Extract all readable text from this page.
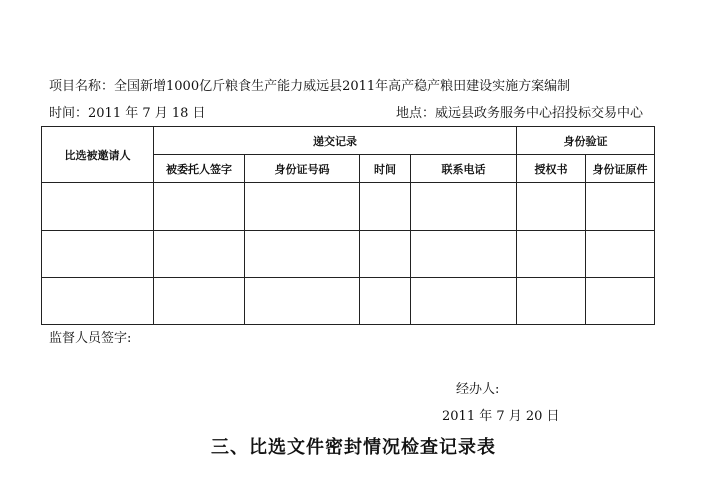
项目名称：全国新增1000亿斤粮食生产能力威远县2011年高产稳产粮田建设实施方案编制
时间：2011 年 7 月 18 日	地点：威远县政务服务中心招投标交易中心
比选被邀请人	递交记录				身份验证	
	被委托人签字	身份证号码	时间	联系电话	授权书	身份证原件

监督人员签字:
经办人:
2011 年 7 月 20 日
三、比选文件密封情况检查记录表
